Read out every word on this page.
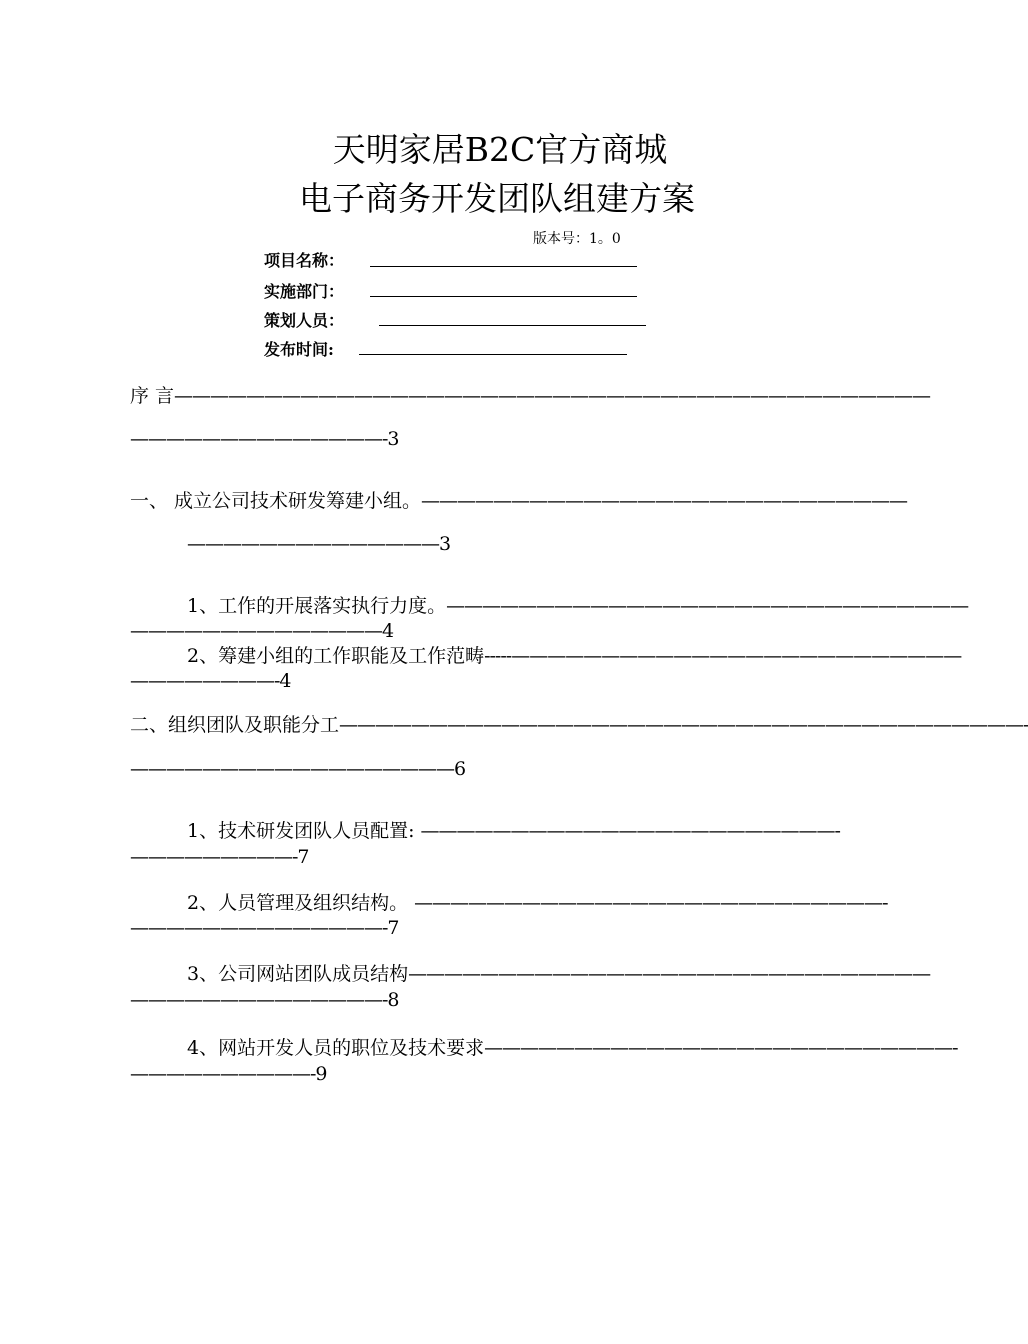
天明家居B2C官方商城
电子商务开发团队组建方案
版本号：1。0
项目名称：
实施部门：
策划人员：
发布时间:
序 言——————————————————————————————————————————
——————————————-3
一、 成立公司技术研发筹建小组。———————————————————————————
——————————————3
1、工作的开展落实执行力度。—————————————————————————————
——————————————4
2、筹建小组的工作职能及工作范畴-----—————————————————————————
————————-4
二、组织团队及职能分工——————————————————————————————————————-
——————————————————6
1、技术研发团队人员配置: ———————————————————————-
—————————-7
2、人员管理及组织结构。 ——————————————————————————-
——————————————-7
3、公司网站团队成员结构—————————————————————————————
——————————————-8
4、网站开发人员的职位及技术要求——————————————————————————-
——————————-9
